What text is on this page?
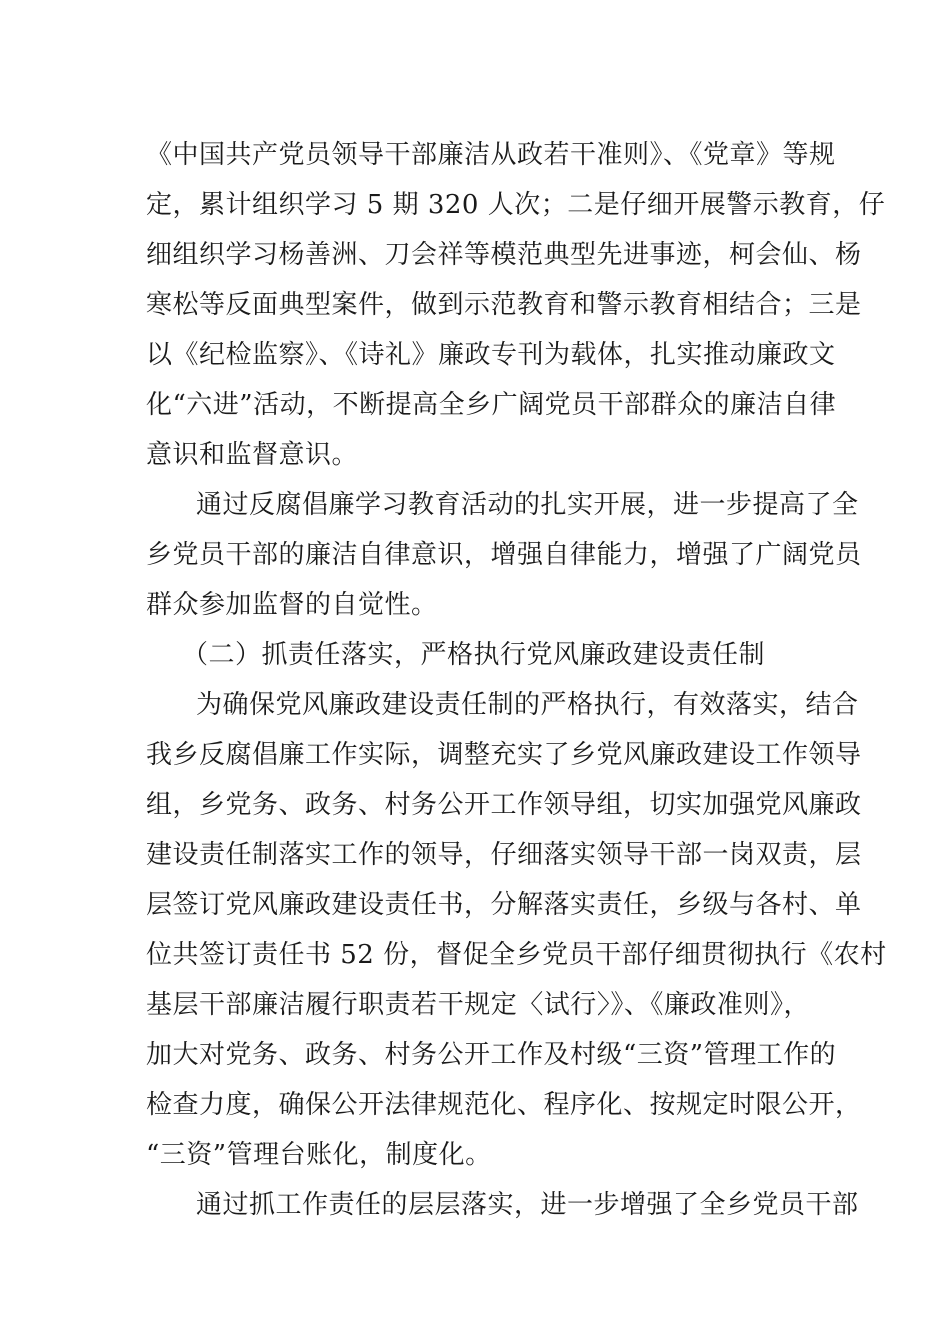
《中国共产党员领导干部廉洁从政若干准则》、《党章》等规
定，累计组织学习 5 期 320 人次；二是仔细开展警示教育，仔
细组织学习杨善洲、刀会祥等模范典型先进事迹，柯会仙、杨
寒松等反面典型案件，做到示范教育和警示教育相结合；三是
以《纪检监察》、《诗礼》廉政专刊为载体，扎实推动廉政文
化“六进”活动，不断提高全乡广阔党员干部群众的廉洁自律
意识和监督意识。
通过反腐倡廉学习教育活动的扎实开展，进一步提高了全
乡党员干部的廉洁自律意识，增强自律能力，增强了广阔党员
群众参加监督的自觉性。
（二）抓责任落实，严格执行党风廉政建设责任制
为确保党风廉政建设责任制的严格执行，有效落实，结合
我乡反腐倡廉工作实际，调整充实了乡党风廉政建设工作领导
组，乡党务、政务、村务公开工作领导组，切实加强党风廉政
建设责任制落实工作的领导，仔细落实领导干部一岗双责，层
层签订党风廉政建设责任书，分解落实责任，乡级与各村、单
位共签订责任书 52 份，督促全乡党员干部仔细贯彻执行《农村
基层干部廉洁履行职责若干规定〈试行〉》、《廉政准则》，
加大对党务、政务、村务公开工作及村级“三资”管理工作的
检查力度，确保公开法律规范化、程序化、按规定时限公开，
“三资”管理台账化，制度化。
通过抓工作责任的层层落实，进一步增强了全乡党员干部
